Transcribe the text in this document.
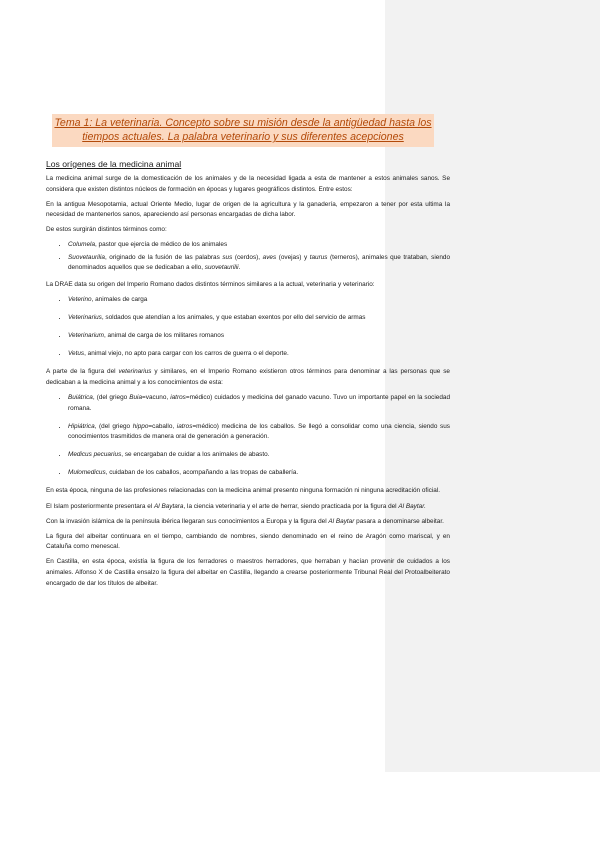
Tema 1: La veterinaria. Concepto sobre su misión desde la antigüedad hasta los tiempos actuales. La palabra veterinario y sus diferentes acepciones
Los orígenes de la medicina animal

La medicina animal surge de la domesticación de los animales y de la necesidad ligada a esta de mantener a estos animales sanos. Se considera que existen distintos núcleos de formación en épocas y lugares geográficos distintos. Entre estos:

En la antigua Mesopotamia, actual Oriente Medio, lugar de origen de la agricultura y la ganadería, empezaron a tener por esta ultima la necesidad de mantenerlos sanos, apareciendo así personas encargadas de dicha labor.

De estos surgirán distintos términos como:

• Columela, pastor que ejercía de médico de los animales
• Suovetaurilia, originado de la fusión de las palabras sus (cerdos), aves (ovejas) y taurus (terneros), animales que trataban, siendo denominados aquellos que se dedicaban a ello, suovetaurilii.

La DRAE data su origen del Imperio Romano dados distintos términos similares a la actual, veterinaria y veterinario:

• Veterino, animales de carga
• Veterinarius, soldados que atendían a los animales, y que estaban exentos por ello del servicio de armas
• Veterinarium, animal de carga de los militares romanos
• Vetus, animal viejo, no apto para cargar con los carros de guerra o el deporte.

A parte de la figura del veterinarius y similares, en el Imperio Romano existieron otros términos para denominar a las personas que se dedicaban a la medicina animal y a los conocimientos de esta:

• Buiátrica, (del griego Buia=vacuno, iatros=médico) cuidados y medicina del ganado vacuno. Tuvo un importante papel en la sociedad romana.
• Hipiátrica, (del griego hippo=caballo, iatros=médico) medicina de los caballos. Se llegó a consolidar como una ciencia, siendo sus conocimientos trasmitidos de manera oral de generación a generación.
• Medicus pecuarius, se encargaban de cuidar a los animales de abasto.
• Mulomedicus, cuidaban de los caballos, acompañando a las tropas de caballería.

En esta época, ninguna de las profesiones relacionadas con la medicina animal presento ninguna formación ni ninguna acreditación oficial.

El Islam posteriormente presentara el Al Baytara, la ciencia veterinaria y el arte de herrar, siendo practicada por la figura del Al Baytar.

Con la invasión islámica de la península ibérica llegaran sus conocimientos a Europa y la figura del Al Baytar pasara a denominarse albeitar.

La figura del albeitar continuara en el tiempo, cambiando de nombres, siendo denominado en el reino de Aragón como mariscal, y en Cataluña como menescal.

En Castilla, en esta época, existía la figura de los ferradores o maestros herradores, que herraban y hacían provenir de cuidados a los animales. Alfonso X de Castilla ensalzo la figura del albeitar en Castilla, llegando a crearse posteriormente Tribunal Real del Protoalbeiterato encargado de dar los títulos de albeitar.
